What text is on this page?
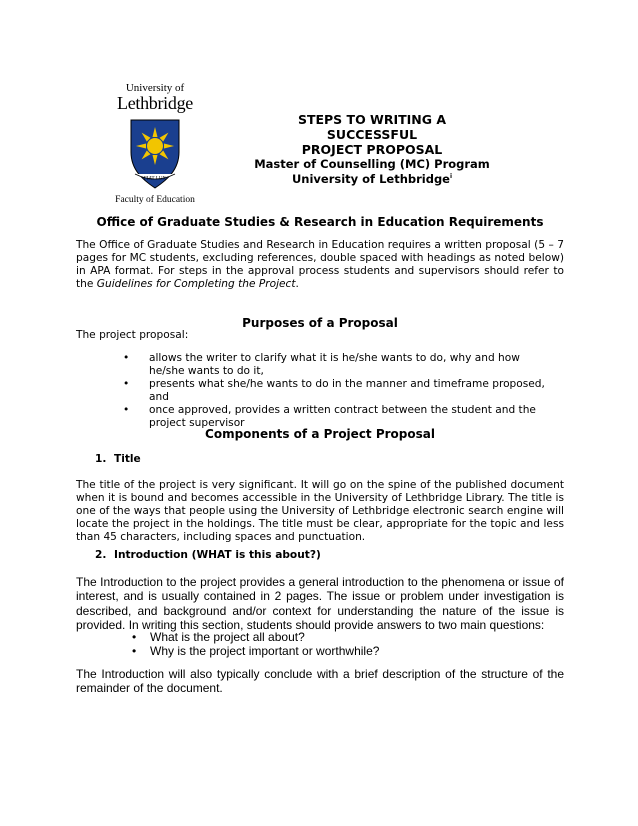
University of
Lethbridge
FIAT LUX
Faculty of Education
STEPS TO WRITING A SUCCESSFUL
PROJECT PROPOSAL
Master of Counselling (MC) Program
University of Lethbridge$^i$
Office of Graduate Studies & Research in Education Requirements
The Office of Graduate Studies and Research in Education requires a written proposal (5 – 7 pages for MC students, excluding references, double spaced with headings as noted below) in APA format. For steps in the approval process students and supervisors should refer to the Guidelines for Completing the Project.
Purposes of a Proposal
The project proposal:
• allows the writer to clarify what it is he/she wants to do, why and how he/she wants to do it,
• presents what she/he wants to do in the manner and timeframe proposed, and
• once approved, provides a written contract between the student and the project supervisor
Components of a Project Proposal
1. Title
The title of the project is very significant. It will go on the spine of the published document when it is bound and becomes accessible in the University of Lethbridge Library. The title is one of the ways that people using the University of Lethbridge electronic search engine will locate the project in the holdings. The title must be clear, appropriate for the topic and less than 45 characters, including spaces and punctuation.
2. Introduction (WHAT is this about?)
The Introduction to the project provides a general introduction to the phenomena or issue of interest, and is usually contained in 2 pages. The issue or problem under investigation is described, and background and/or context for understanding the nature of the issue is provided. In writing this section, students should provide answers to two main questions:
• What is the project all about?
• Why is the project important or worthwhile?
The Introduction will also typically conclude with a brief description of the structure of the remainder of the document.
